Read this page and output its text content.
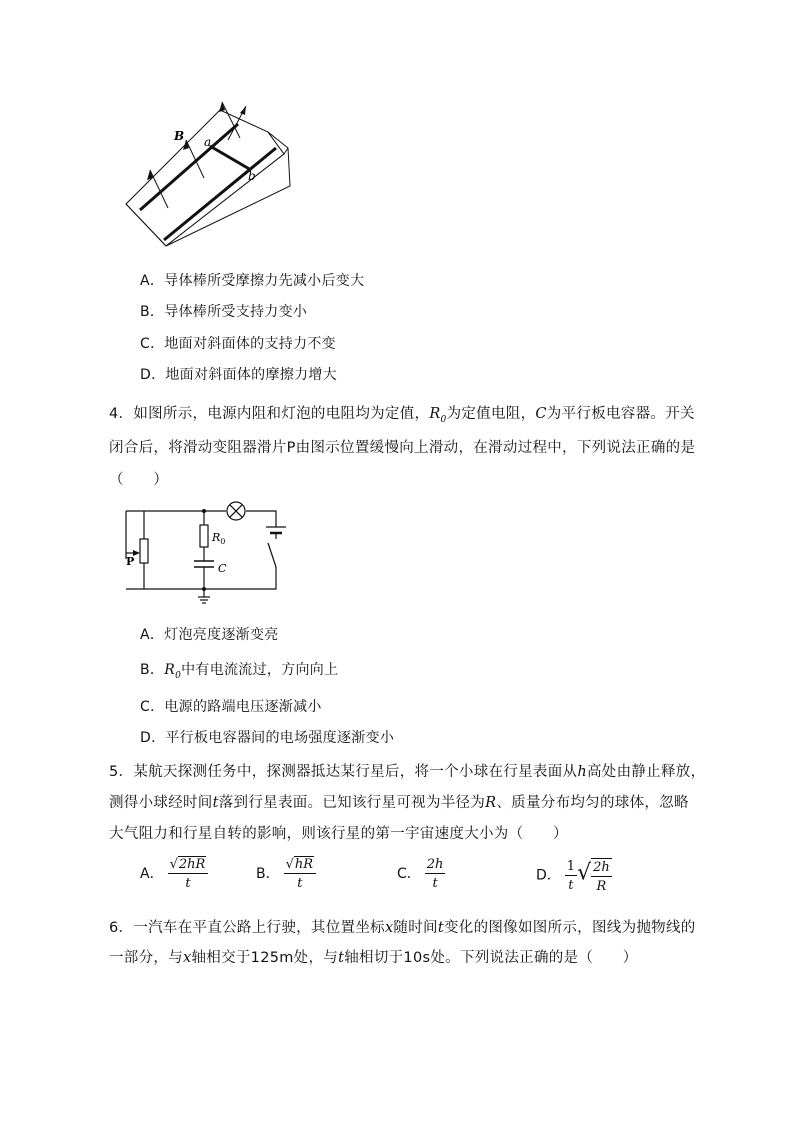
B a
b
A．导体棒所受摩擦力先减小后变大
B．导体棒所受支持力变小
C．地面对斜面体的支持力不变
D．地面对斜面体的摩擦力增大
4．如图所示，电源内阻和灯泡的电阻均为定值，$R_0$为定值电阻，C为平行板电容器。开关
闭合后，将滑动变阻器滑片P由图示位置缓慢向上滑动，在滑动过程中，下列说法正确的是
（　　）
P
$R_0$
C
A．灯泡亮度逐渐变亮
B．$R_0$中有电流流过，方向向上
C．电源的路端电压逐渐减小
D．平行板电容器间的电场强度逐渐变小
5．某航天探测任务中，探测器抵达某行星后，将一个小球在行星表面从h高处由静止释放，
测得小球经时间t落到行星表面。已知该行星可视为半径为R、质量分布均匀的球体，忽略
大气阻力和行星自转的影响，则该行星的第一宇宙速度大小为（　　）
A． $\frac{√2hR}{t}$	B． $\frac{√hR}{t}$	C． $\frac{2h}{t}$	D． $\frac{1}{t}$ √ $\frac{2h}{R}$
6．一汽车在平直公路上行驶，其位置坐标x随时间t变化的图像如图所示，图线为抛物线的
一部分，与x轴相交于125m处，与t轴相切于10s处。下列说法正确的是（　　）
